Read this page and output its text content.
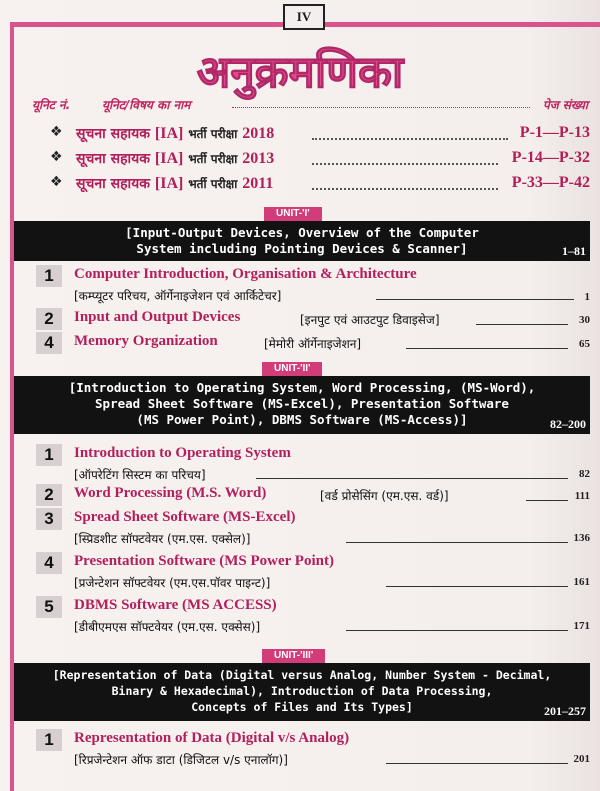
IV
अनुक्रमणिका
यूनिट नं.	यूनिट/विषय का नाम	पेज संख्या
❖ सूचना सहायक [IA] भर्ती परीक्षा 2018	P-1—P-13
❖ सूचना सहायक [IA] भर्ती परीक्षा 2013	P-14—P-32
❖ सूचना सहायक [IA] भर्ती परीक्षा 2011	P-33—P-42
UNIT-'I'
[Input-Output Devices, Overview of the Computer
System including Pointing Devices & Scanner]	1–81
1	Computer Introduction, Organisation & Architecture
[कम्प्यूटर परिचय, ऑर्गेनाइजेशन एवं आर्किटेचर]	1
2	Input and Output Devices	[इनपुट एवं आउटपुट डिवाइसेज]	30
4	Memory Organization	[मेमोरी ऑर्गेनाइजेशन]	65
UNIT-'II'
[Introduction to Operating System, Word Processing, (MS-Word),
Spread Sheet Software (MS-Excel), Presentation Software
(MS Power Point), DBMS Software (MS-Access)]	82–200
1	Introduction to Operating System
[ऑपरेटिंग सिस्टम का परिचय]	82
2	Word Processing (M.S. Word)	[वर्ड प्रोसेसिंग (एम.एस. वर्ड)]	111
3	Spread Sheet Software (MS-Excel)
[स्प्रिडशीट सॉफ्टवेयर (एम.एस. एक्सेल)]	136
4	Presentation Software (MS Power Point)
[प्रजेन्टेशन सॉफ्टवेयर (एम.एस.पॉवर पाइन्ट)]	161
5	DBMS Software (MS ACCESS)
[डीबीएमएस सॉफ्टवेयर (एम.एस. एक्सेस)]	171
UNIT-'III'
[Representation of Data (Digital versus Analog, Number System - Decimal,
Binary & Hexadecimal), Introduction of Data Processing,
Concepts of Files and Its Types]	201–257
1	Representation of Data (Digital v/s Analog)
[रिप्रजेन्टेशन ऑफ डाटा (डिजिटल v/s एनालॉग)]	201
